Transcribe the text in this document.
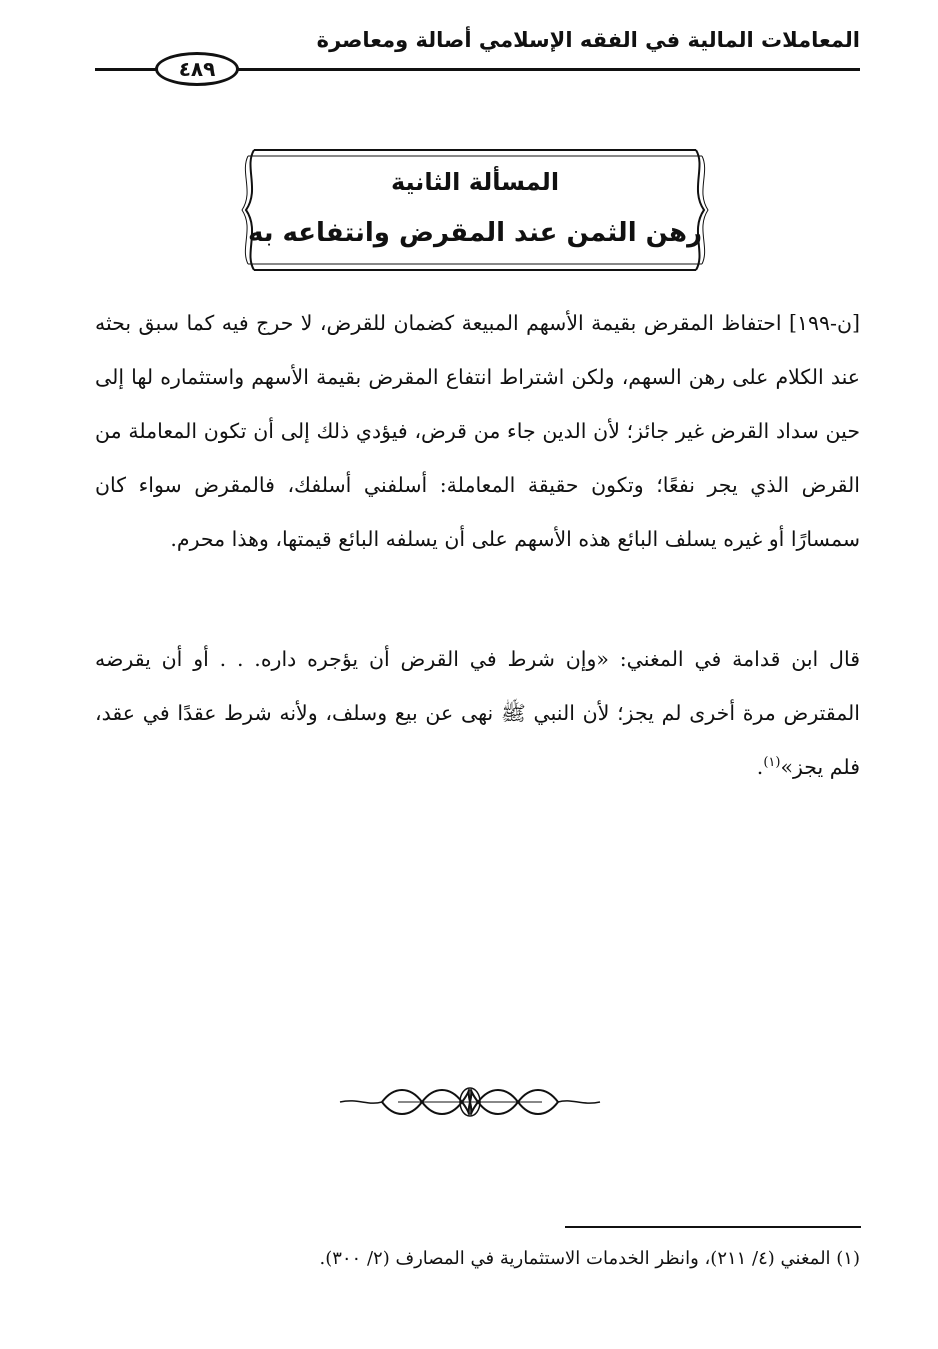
المعاملات المالية في الفقه الإسلامي أصالة ومعاصرة
٤٨٩
المسألة الثانية
رهن الثمن عند المقرض وانتفاعه به
[ن-١٩٩] احتفاظ المقرض بقيمة الأسهم المبيعة كضمان للقرض، لا حرج فيه كما سبق بحثه عند الكلام على رهن السهم، ولكن اشتراط انتفاع المقرض بقيمة الأسهم واستثماره لها إلى حين سداد القرض غير جائز؛ لأن الدين جاء من قرض، فيؤدي ذلك إلى أن تكون المعاملة من القرض الذي يجر نفعًا؛ وتكون حقيقة المعاملة: أسلفني أسلفك، فالمقرض سواء كان سمسارًا أو غيره يسلف البائع هذه الأسهم على أن يسلفه البائع قيمتها، وهذا محرم.
قال ابن قدامة في المغني: «وإن شرط في القرض أن يؤجره داره. . . أو أن يقرضه المقترض مرة أخرى لم يجز؛ لأن النبي ﷺ نهى عن بيع وسلف، ولأنه شرط عقدًا في عقد، فلم يجز»$^{(١)}$.
(١) المغني (٤/ ٢١١)، وانظر الخدمات الاستثمارية في المصارف (٢/ ٣٠٠).
